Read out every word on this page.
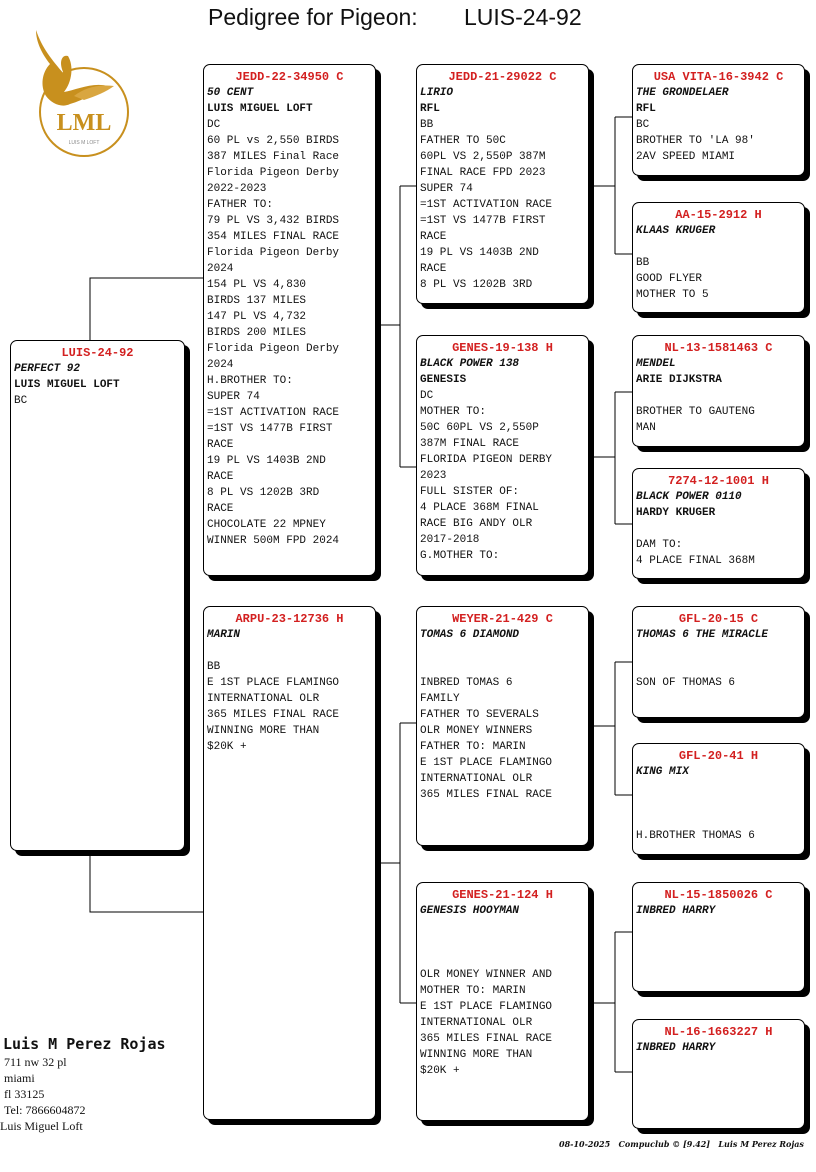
Pedigree for Pigeon: LUIS-24-92
LML
LUIS M LOFT
LUIS-24-92
PERFECT 92
LUIS MIGUEL LOFT
BC
JEDD-22-34950 C
50 CENT
LUIS MIGUEL LOFT
DC
60 PL vs 2,550 BIRDS
387 MILES Final Race
Florida Pigeon Derby
2022-2023
FATHER TO:
79 PL VS 3,432 BIRDS
354 MILES FINAL RACE
Florida Pigeon Derby
2024
154 PL VS 4,830
BIRDS 137 MILES
147 PL VS 4,732
BIRDS 200 MILES
Florida Pigeon Derby
2024
H.BROTHER TO:
SUPER 74
=1ST ACTIVATION RACE
=1ST VS 1477B FIRST
RACE
19 PL VS 1403B 2ND
RACE
8 PL VS 1202B 3RD
RACE
CHOCOLATE 22 MPNEY
WINNER 500M FPD 2024
ARPU-23-12736 H
MARIN
BB
E 1ST PLACE FLAMINGO
INTERNATIONAL OLR
365 MILES FINAL RACE
WINNING MORE THAN
$20K +
JEDD-21-29022 C
LIRIO
RFL
BB
FATHER TO 50C
60PL VS 2,550P 387M
FINAL RACE FPD 2023
SUPER 74
=1ST ACTIVATION RACE
=1ST VS 1477B FIRST
RACE
19 PL VS 1403B 2ND
RACE
8 PL VS 1202B 3RD
GENES-19-138 H
BLACK POWER 138
GENESIS
DC
MOTHER TO:
50C 60PL VS 2,550P
387M FINAL RACE
FLORIDA PIGEON DERBY
2023
FULL SISTER OF:
4 PLACE 368M FINAL
RACE BIG ANDY OLR
2017-2018
G.MOTHER TO:
WEYER-21-429 C
TOMAS 6 DIAMOND
INBRED TOMAS 6
FAMILY
FATHER TO SEVERALS
OLR MONEY WINNERS
FATHER TO: MARIN
E 1ST PLACE FLAMINGO
INTERNATIONAL OLR
365 MILES FINAL RACE
GENES-21-124 H
GENESIS HOOYMAN
OLR MONEY WINNER AND
MOTHER TO: MARIN
E 1ST PLACE FLAMINGO
INTERNATIONAL OLR
365 MILES FINAL RACE
WINNING MORE THAN
$20K +
USA VITA-16-3942 C
THE GRONDELAER
RFL
BC
BROTHER TO 'LA 98'
2AV SPEED MIAMI
AA-15-2912 H
KLAAS KRUGER
BB
GOOD FLYER
MOTHER TO 5
NL-13-1581463 C
MENDEL
ARIE DIJKSTRA
BROTHER TO GAUTENG
MAN
7274-12-1001 H
BLACK POWER 0110
HARDY KRUGER
DAM TO:
4 PLACE FINAL 368M
GFL-20-15 C
THOMAS 6 THE MIRACLE
SON OF THOMAS 6
GFL-20-41 H
KING MIX
H.BROTHER THOMAS 6
NL-15-1850026 C
INBRED HARRY
NL-16-1663227 H
INBRED HARRY
Luis M Perez Rojas
711 nw 32 pl
miami
fl 33125
Tel: 7866604872
Luis Miguel Loft
08-10-2025 Compuclub © [9.42] Luis M Perez Rojas
